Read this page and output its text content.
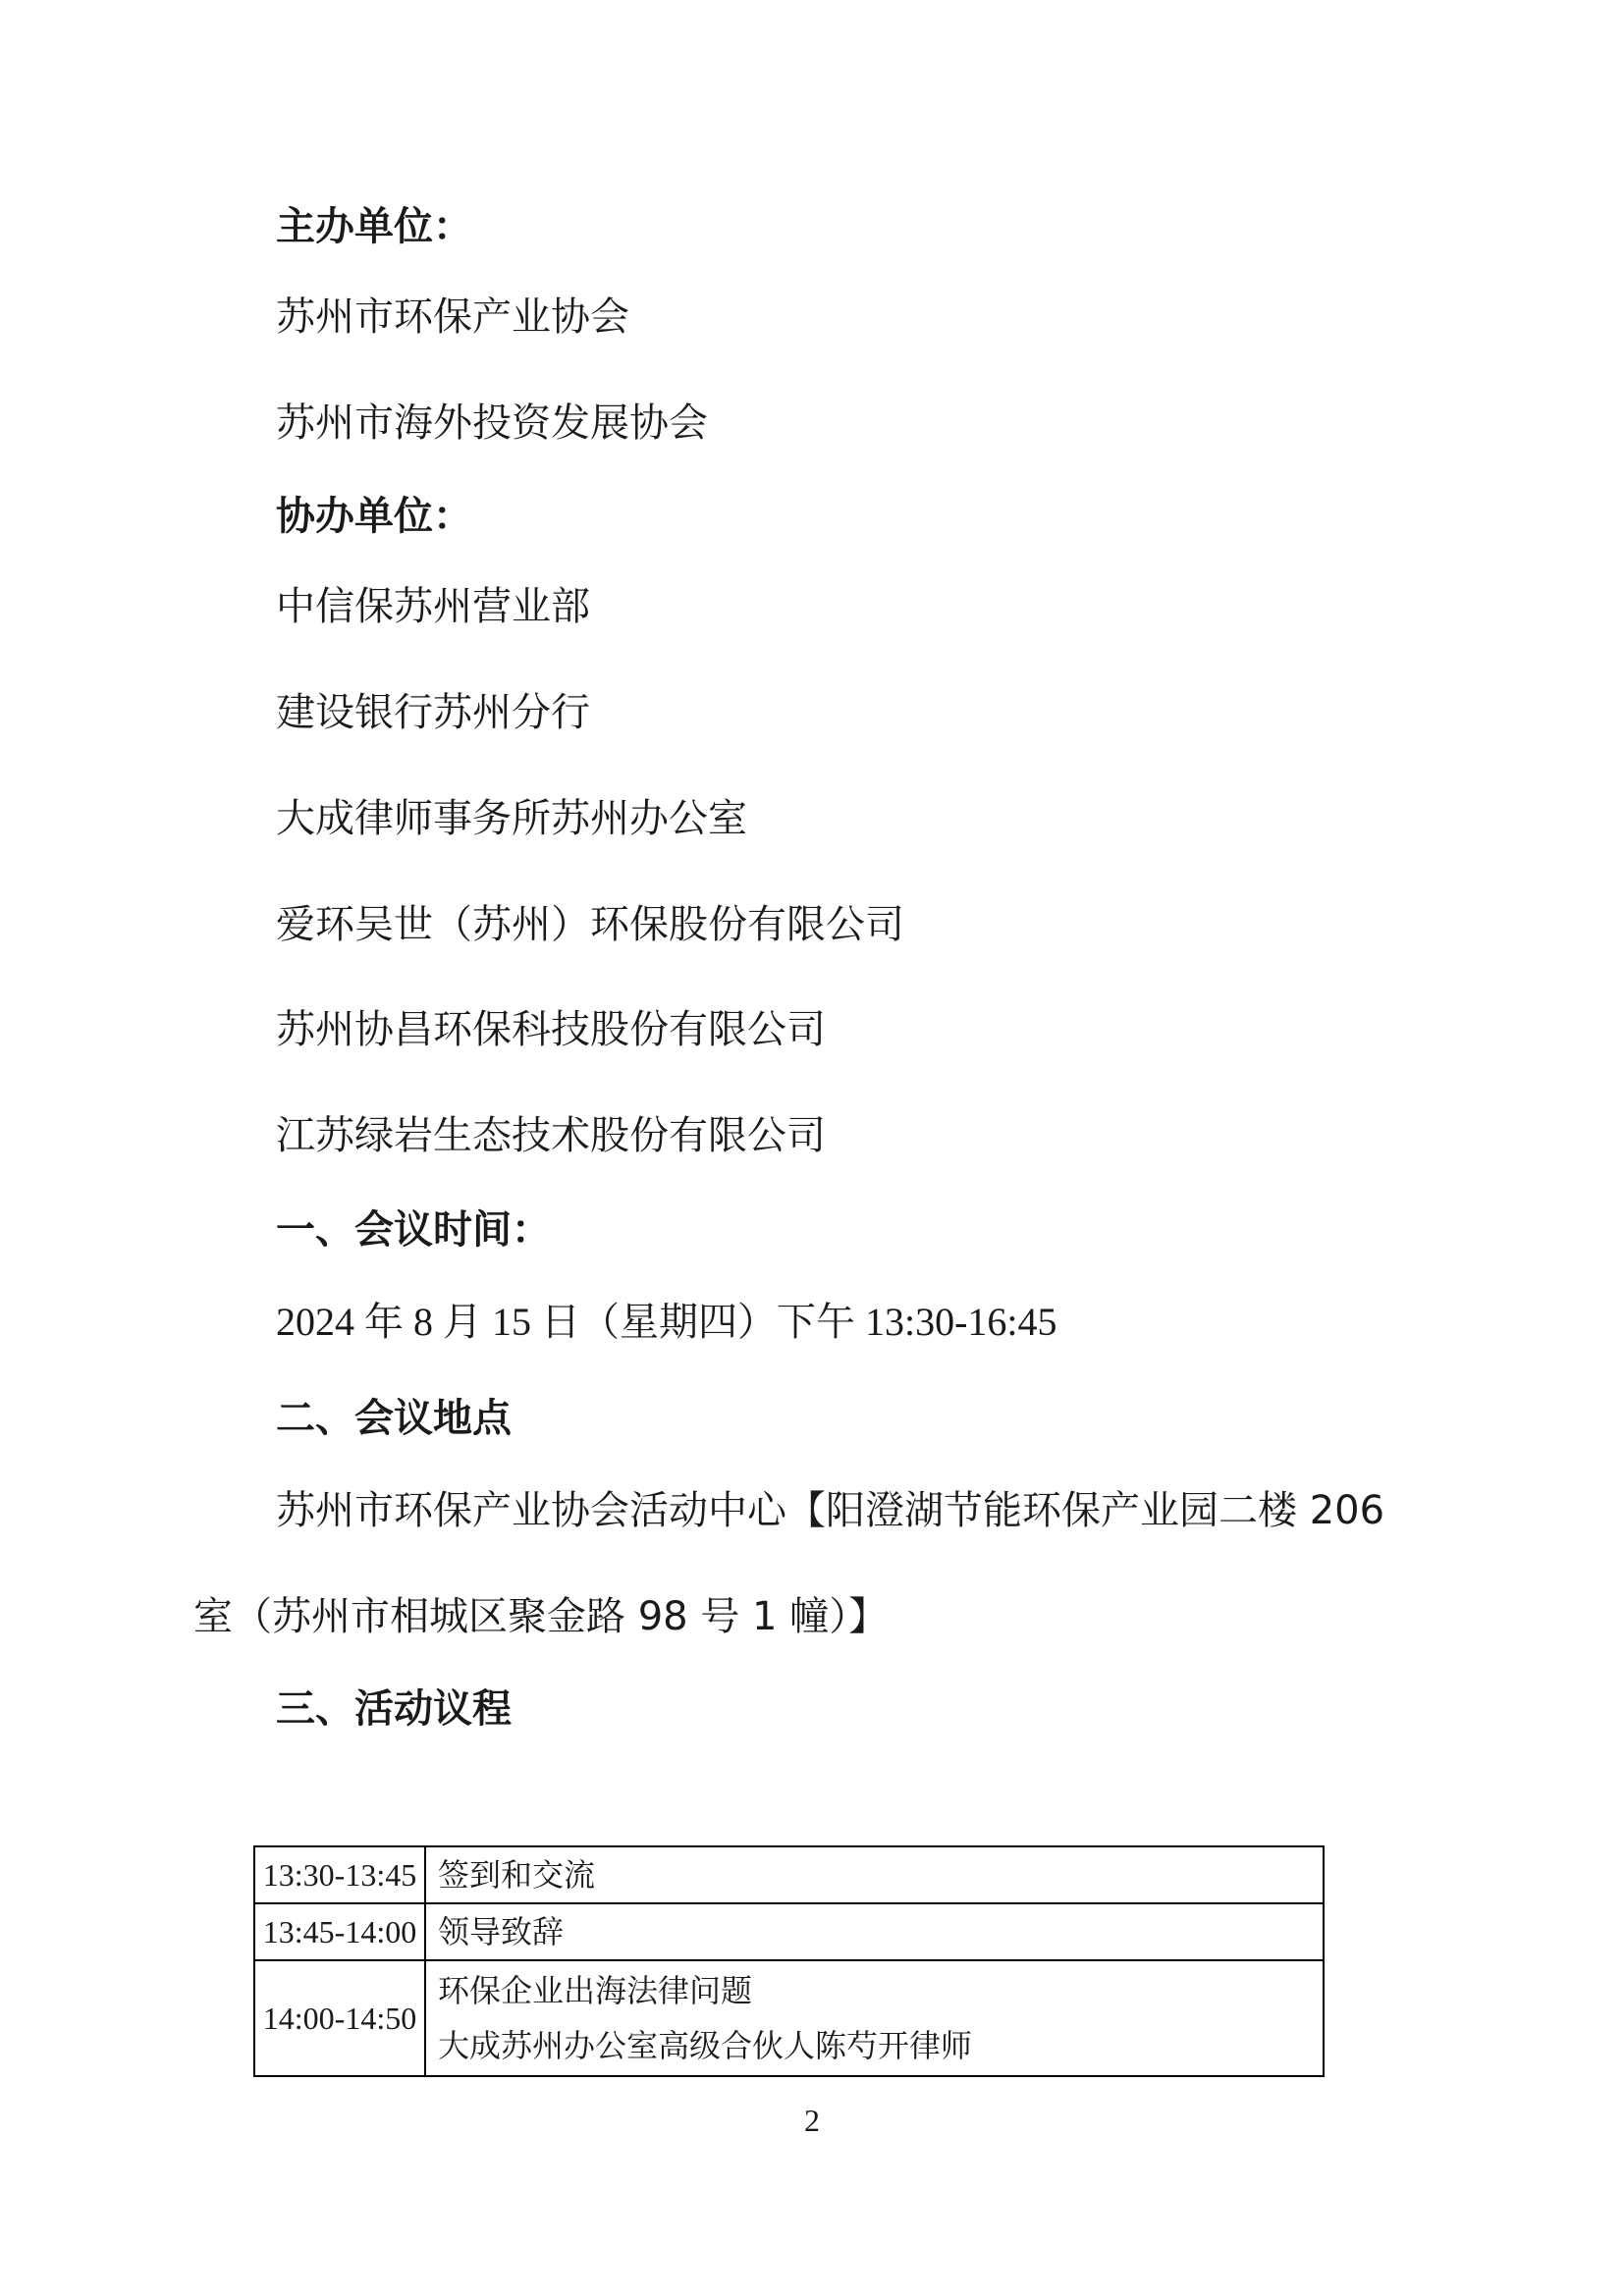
主办单位：
苏州市环保产业协会
苏州市海外投资发展协会
协办单位：
中信保苏州营业部
建设银行苏州分行
大成律师事务所苏州办公室
爱环吴世（苏州）环保股份有限公司
苏州协昌环保科技股份有限公司
江苏绿岩生态技术股份有限公司
一、会议时间：
2024 年 8 月 15 日（星期四）下午 13:30-16:45
二、会议地点
苏州市环保产业协会活动中心【阳澄湖节能环保产业园二楼 206
室（苏州市相城区聚金路 98 号 1 幢）】
三、活动议程
13:30-13:45	签到和交流

13:45-14:00	领导致辞

14:00-14:50	环保企业出海法律问题
大成苏州办公室高级合伙人陈芍开律师
2
